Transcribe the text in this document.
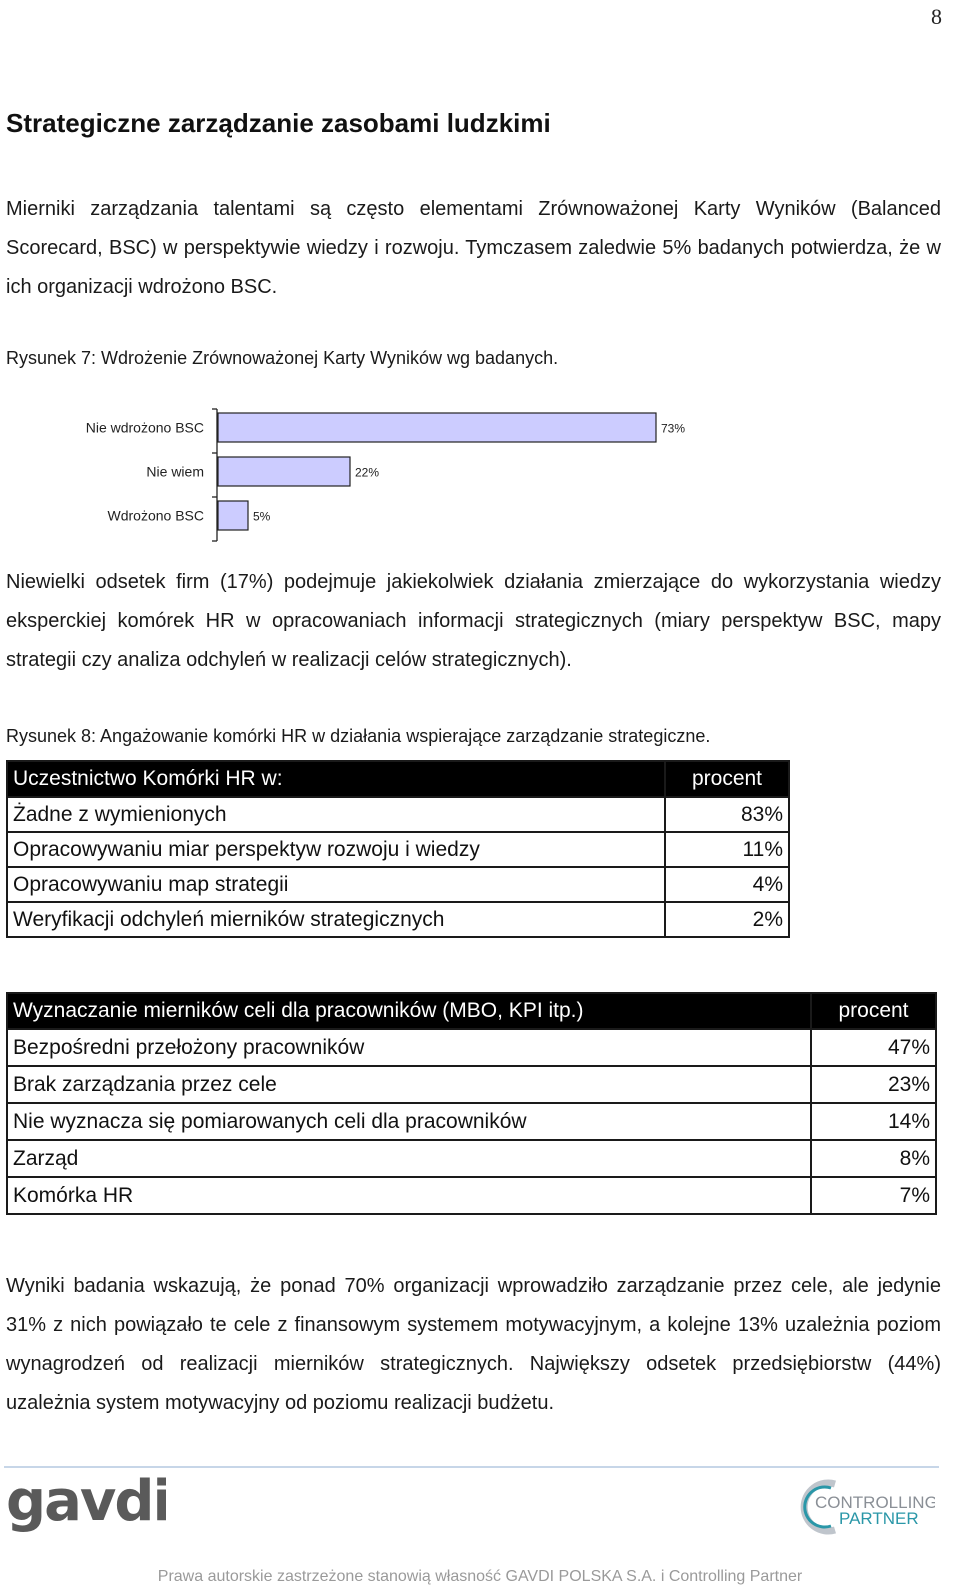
8
Strategiczne zarządzanie zasobami ludzkimi

Mierniki zarządzania talentami są często elementami Zrównoważonej Karty Wyników (Balanced Scorecard, BSC) w perspektywie wiedzy i rozwoju. Tymczasem zaledwie 5% badanych potwierdza, że w ich organizacji wdrożono BSC.

Rysunek 7: Wdrożenie Zrównoważonej Karty Wyników wg badanych.

Nie wdrożono BSC	73%
Nie wiem	22%
Wdrożono BSC	5%

Niewielki odsetek firm (17%) podejmuje jakiekolwiek działania zmierzające do wykorzystania wiedzy eksperckiej komórek HR w opracowaniach informacji strategicznych (miary perspektyw BSC, mapy strategii czy analiza odchyleń w realizacji celów strategicznych).

Rysunek 8: Angażowanie komórki HR w działania wspierające zarządzanie strategiczne.

Uczestnictwo Komórki HR w:	procent
Żadne z wymienionych	83%
Opracowywaniu miar perspektyw rozwoju i wiedzy	11%
Opracowywaniu map strategii	4%
Weryfikacji odchyleń mierników strategicznych	2%
Wyznaczanie mierników celi dla pracowników (MBO, KPI itp.)	procent
Bezpośredni przełożony pracowników	47%
Brak zarządzania przez cele	23%
Nie wyznacza się pomiarowanych celi dla pracowników	14%
Zarząd	8%
Komórka HR	7%

Wyniki badania wskazują, że ponad 70% organizacji wprowadziło zarządzanie przez cele, ale jedynie 31% z nich powiązało te cele z finansowym systemem motywacyjnym, a kolejne 13% uzależnia poziom wynagrodzeń od realizacji mierników strategicznych. Największy odsetek przedsiębiorstw (44%) uzależnia system motywacyjny od poziomu realizacji budżetu.

gavdi	CONTROLLING
PARTNER
Prawa autorskie zastrzeżone stanowią własność GAVDI POLSKA S.A. i Controlling Partner
